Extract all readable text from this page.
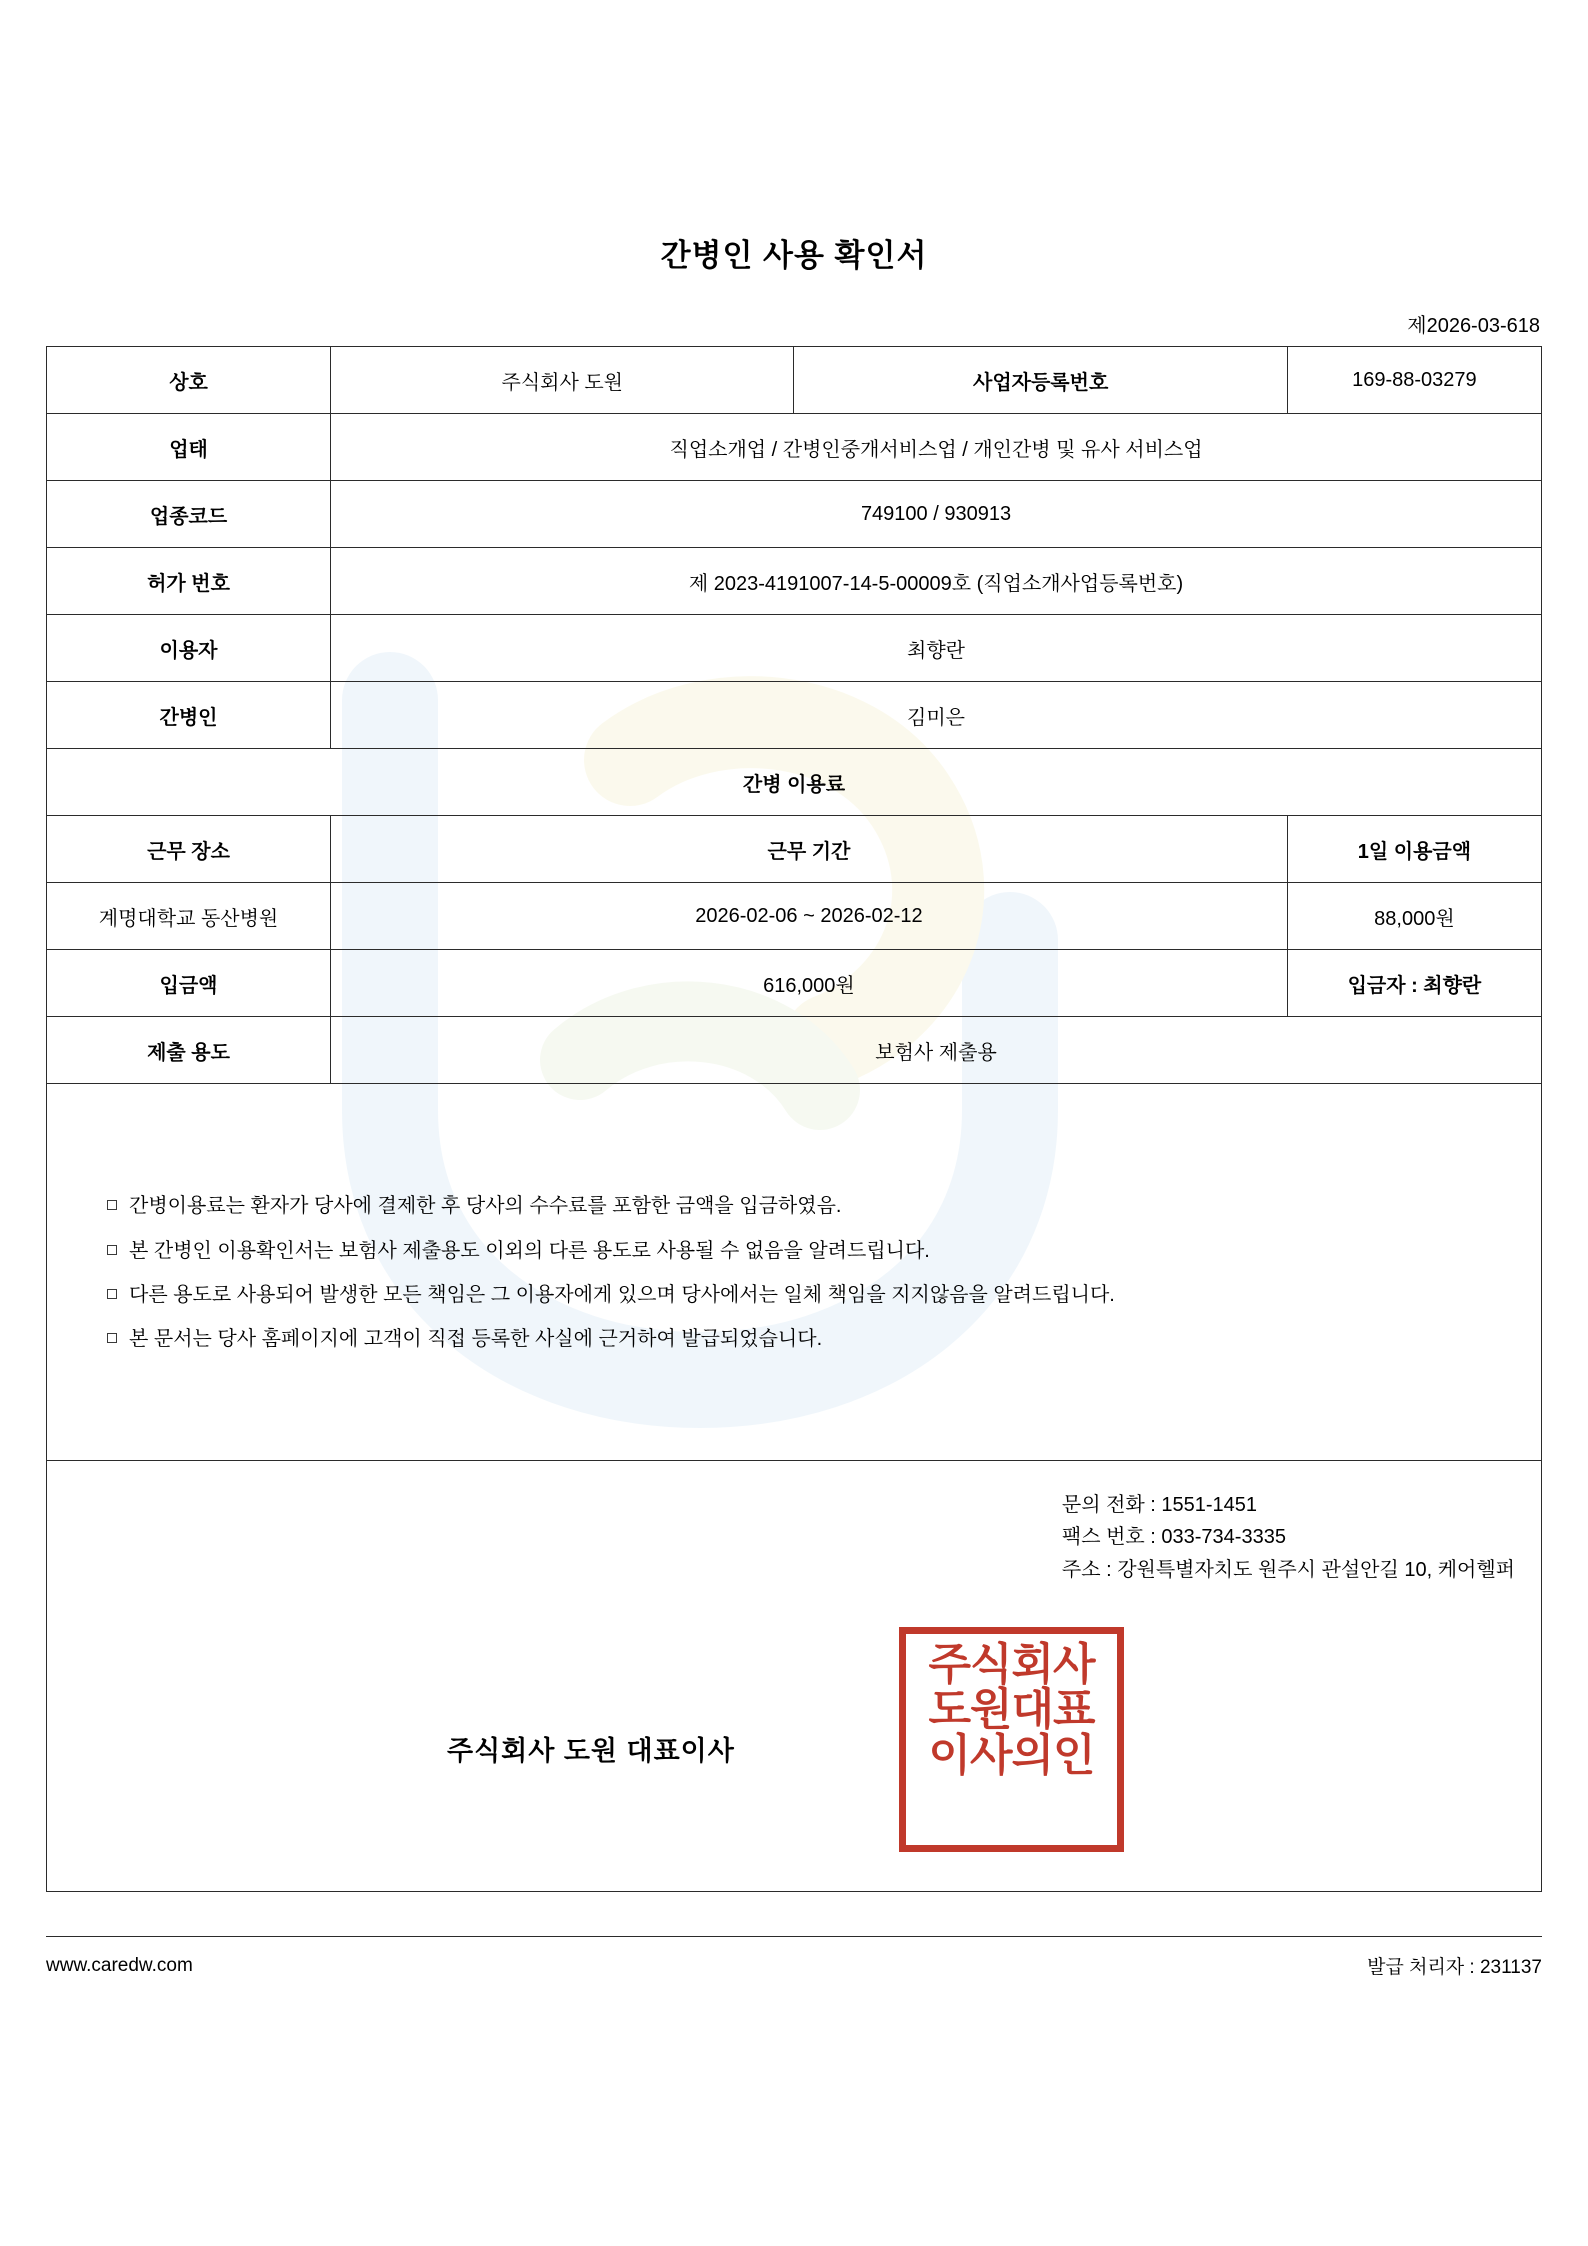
간병인 사용 확인서
제2026-03-618
상호	주식회사 도원	사업자등록번호	169-88-03279
업태	직업소개업 / 간병인중개서비스업 / 개인간병 및 유사 서비스업		
업종코드	749100 / 930913		
허가 번호	제 2023-4191007-14-5-00009호 (직업소개사업등록번호)		
이용자	최향란		
간병인	김미은		
간병 이용료			
근무 장소	근무 기간		1일 이용금액
계명대학교 동산병원	2026-02-06 ~ 2026-02-12		88,000원
입금액	616,000원		입금자 : 최향란
제출 용도	보험사 제출용		

간병이용료는 환자가 당사에 결제한 후 당사의 수수료를 포함한 금액을 입금하였음.
본 간병인 이용확인서는 보험사 제출용도 이외의 다른 용도로 사용될 수 없음을 알려드립니다.
다른 용도로 사용되어 발생한 모든 책임은 그 이용자에게 있으며 당사에서는 일체 책임을 지지않음을 알려드립니다.
본 문서는 당사 홈페이지에 고객이 직접 등록한 사실에 근거하여 발급되었습니다.

문의 전화 : 1551-1451
팩스 번호 : 033-734-3335
주소 : 강원특별자치도 원주시 관설안길 10, 케어헬퍼
주식회사 도원 대표이사
주식회사
도원대표
이사의인
www.caredw.com	발급 처리자 : 231137
